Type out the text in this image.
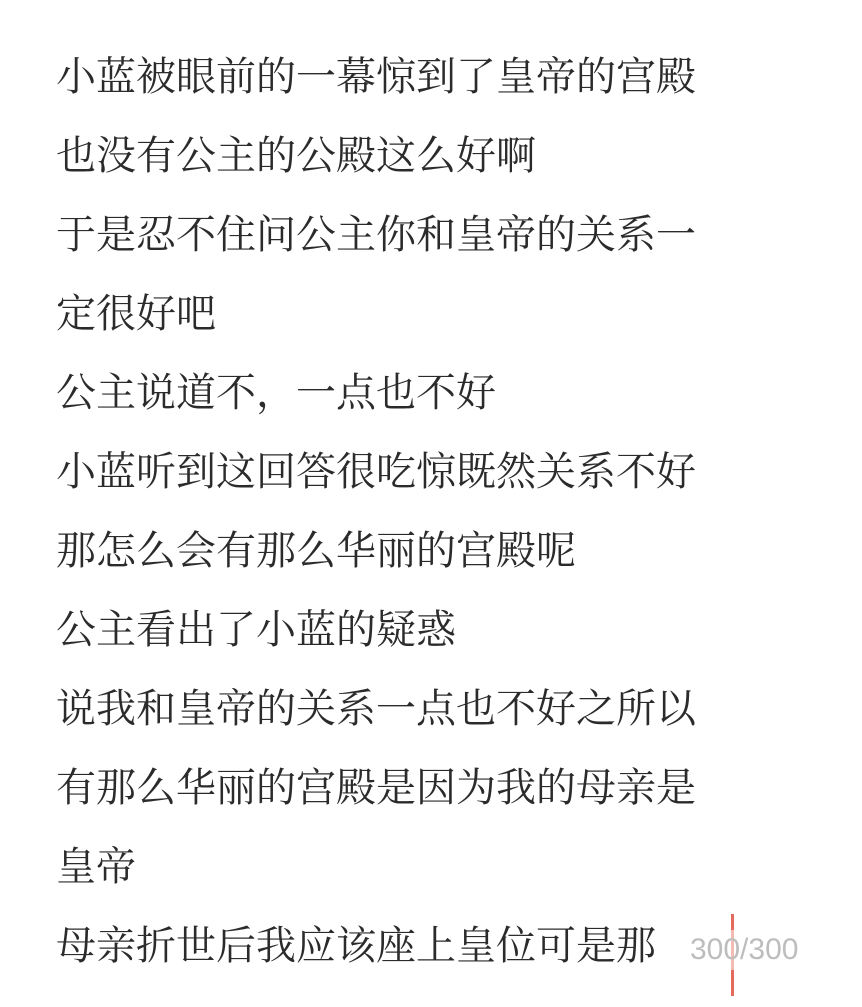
小蓝被眼前的一幕惊到了皇帝的宫殿
也没有公主的公殿这么好啊
于是忍不住问公主你和皇帝的关系一
定很好吧
公主说道不，一点也不好
小蓝听到这回答很吃惊既然关系不好
那怎么会有那么华丽的宫殿呢
公主看出了小蓝的疑惑
说我和皇帝的关系一点也不好之所以
有那么华丽的宫殿是因为我的母亲是
皇帝
母亲折世后我应该座上皇位可是那	300/300
